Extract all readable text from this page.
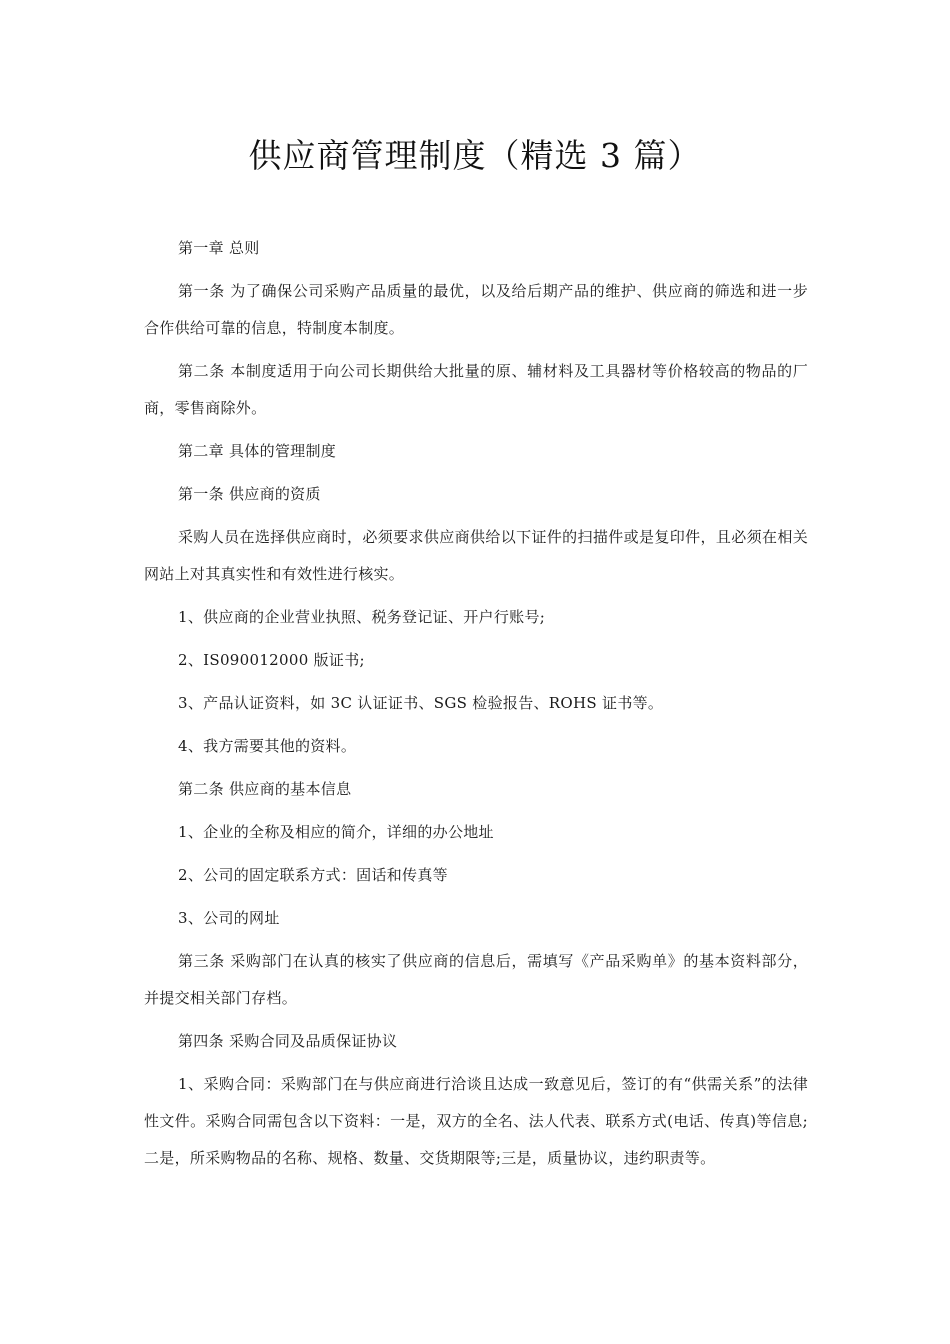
供应商管理制度（精选 3 篇）

第一章 总则

第一条 为了确保公司采购产品质量的最优，以及给后期产品的维护、供应商的筛选和进一步合作供给可靠的信息，特制度本制度。

第二条 本制度适用于向公司长期供给大批量的原、辅材料及工具器材等价格较高的物品的厂商，零售商除外。

第二章 具体的管理制度

第一条 供应商的资质

采购人员在选择供应商时，必须要求供应商供给以下证件的扫描件或是复印件，且必须在相关网站上对其真实性和有效性进行核实。

1、供应商的企业营业执照、税务登记证、开户行账号;

2、IS090012000 版证书;

3、产品认证资料，如 3C 认证证书、SGS 检验报告、ROHS 证书等。

4、我方需要其他的资料。

第二条 供应商的基本信息

1、企业的全称及相应的简介，详细的办公地址

2、公司的固定联系方式：固话和传真等

3、公司的网址

第三条 采购部门在认真的核实了供应商的信息后，需填写《产品采购单》的基本资料部分，并提交相关部门存档。

第四条 采购合同及品质保证协议

1、采购合同：采购部门在与供应商进行洽谈且达成一致意见后，签订的有“供需关系”的法律性文件。采购合同需包含以下资料：一是，双方的全名、法人代表、联系方式(电话、传真)等信息;二是，所采购物品的名称、规格、数量、交货期限等;三是，质量协议，违约职责等。
